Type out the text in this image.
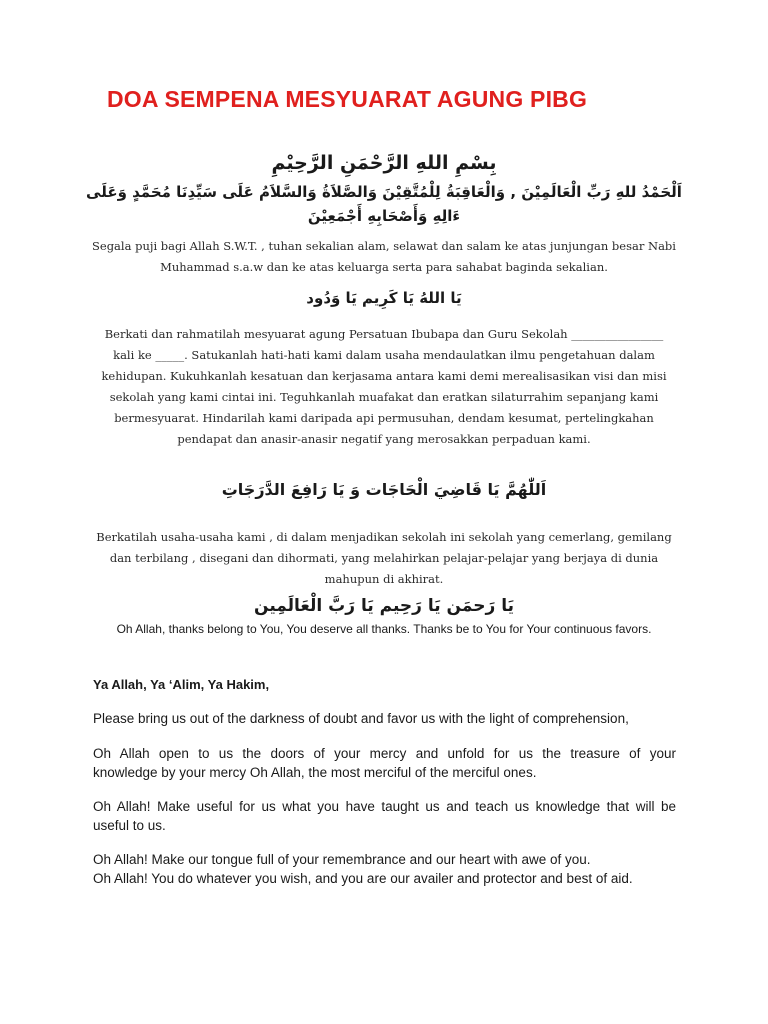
DOA SEMPENA MESYUARAT AGUNG PIBG
بِسْمِ اللهِ الرَّحْمَنِ الرَّحِيْمِ
اَلْحَمْدُ للهِ رَبِّ الْعَالَمِيْنَ , وَالْعَاقِبَةُ لِلْمُتَّقِيْنَ وَالصَّلاَةُ وَالسَّلاَمُ عَلَى سَيِّدِنَا مُحَمَّدٍ وَعَلَى ءَالِهِ وَأَصْحَابِهِ أَجْمَعِيْنَ
Segala puji bagi Allah S.W.T. , tuhan sekalian alam, selawat dan salam ke atas junjungan besar Nabi
Muhammad s.a.w dan ke atas keluarga serta para sahabat baginda sekalian.
يَا اللهُ يَا كَرِيم يَا وَدُود
Berkati dan rahmatilah mesyuarat agung Persatuan Ibubapa dan Guru Sekolah ________________
kali ke _____. Satukanlah hati-hati kami dalam usaha mendaulatkan ilmu pengetahuan dalam
kehidupan. Kukuhkanlah kesatuan dan kerjasama antara kami demi merealisasikan visi dan misi
sekolah yang kami cintai ini. Teguhkanlah muafakat dan eratkan silaturrahim sepanjang kami
bermesyuarat. Hindarilah kami daripada api permusuhan, dendam kesumat, pertelingkahan
pendapat dan anasir-anasir negatif yang merosakkan perpaduan kami.
اَللّٰهُمَّ يَا قَاضِيَ الْحَاجَات وَ يَا رَافِعَ الدَّرَجَاتِ
Berkatilah usaha-usaha kami , di dalam menjadikan sekolah ini sekolah yang cemerlang, gemilang
dan terbilang , disegani dan dihormati, yang melahirkan pelajar-pelajar yang berjaya di dunia
mahupun di akhirat.
يَا رَحمَن يَا رَحِيم يَا رَبَّ الْعَالَمِين
Oh Allah, thanks belong to You, You deserve all thanks. Thanks be to You for Your continuous favors.
Ya Allah, Ya ‘Alim, Ya Hakim,
Please bring us out of the darkness of doubt and favor us with the light of comprehension,
Oh Allah open to us the doors of your mercy and unfold for us the treasure of your
knowledge by your mercy Oh Allah, the most merciful of the merciful ones.
Oh Allah! Make useful for us what you have taught us and teach us knowledge that will be
useful to us.
Oh Allah! Make our tongue full of your remembrance and our heart with awe of you.
Oh Allah! You do whatever you wish, and you are our availer and protector and best of aid.
